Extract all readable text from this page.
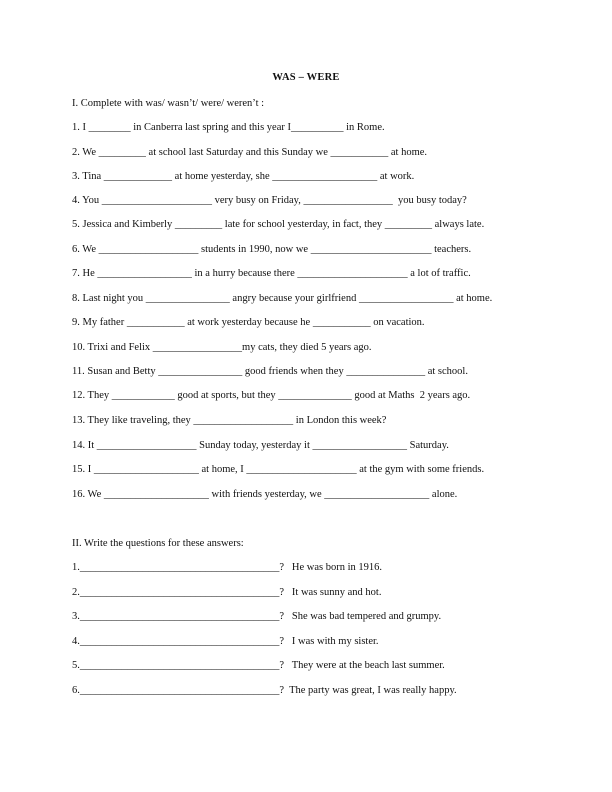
WAS – WERE
I. Complete with was/ wasn’t/ were/ weren’t :
1. I ________ in Canberra last spring and this year I__________ in Rome.
2. We _________ at school last Saturday and this Sunday we ___________ at home.
3. Tina _____________ at home yesterday, she ____________________ at work.
4. You _____________________ very busy on Friday, _________________  you busy today?
5. Jessica and Kimberly _________ late for school yesterday, in fact, they _________ always late.
6. We ___________________ students in 1990, now we _______________________ teachers.
7. He __________________ in a hurry because there _____________________ a lot of traffic.
8. Last night you ________________ angry because your girlfriend __________________ at home.
9. My father ___________ at work yesterday because he ___________ on vacation.
10. Trixi and Felix _________________my cats, they died 5 years ago.
11. Susan and Betty ________________ good friends when they _______________ at school.
12. They ____________ good at sports, but they ______________ good at Maths  2 years ago.
13. They like traveling, they ___________________ in London this week?
14. It ___________________ Sunday today, yesterday it __________________ Saturday.
15. I ____________________ at home, I _____________________ at the gym with some friends.
16. We ____________________ with friends yesterday, we ____________________ alone.
II. Write the questions for these answers:
1.______________________________________?   He was born in 1916.
2.______________________________________?   It was sunny and hot.
3.______________________________________?   She was bad tempered and grumpy.
4.______________________________________?   I was with my sister.
5.______________________________________?   They were at the beach last summer.
6.______________________________________?  The party was great, I was really happy.
